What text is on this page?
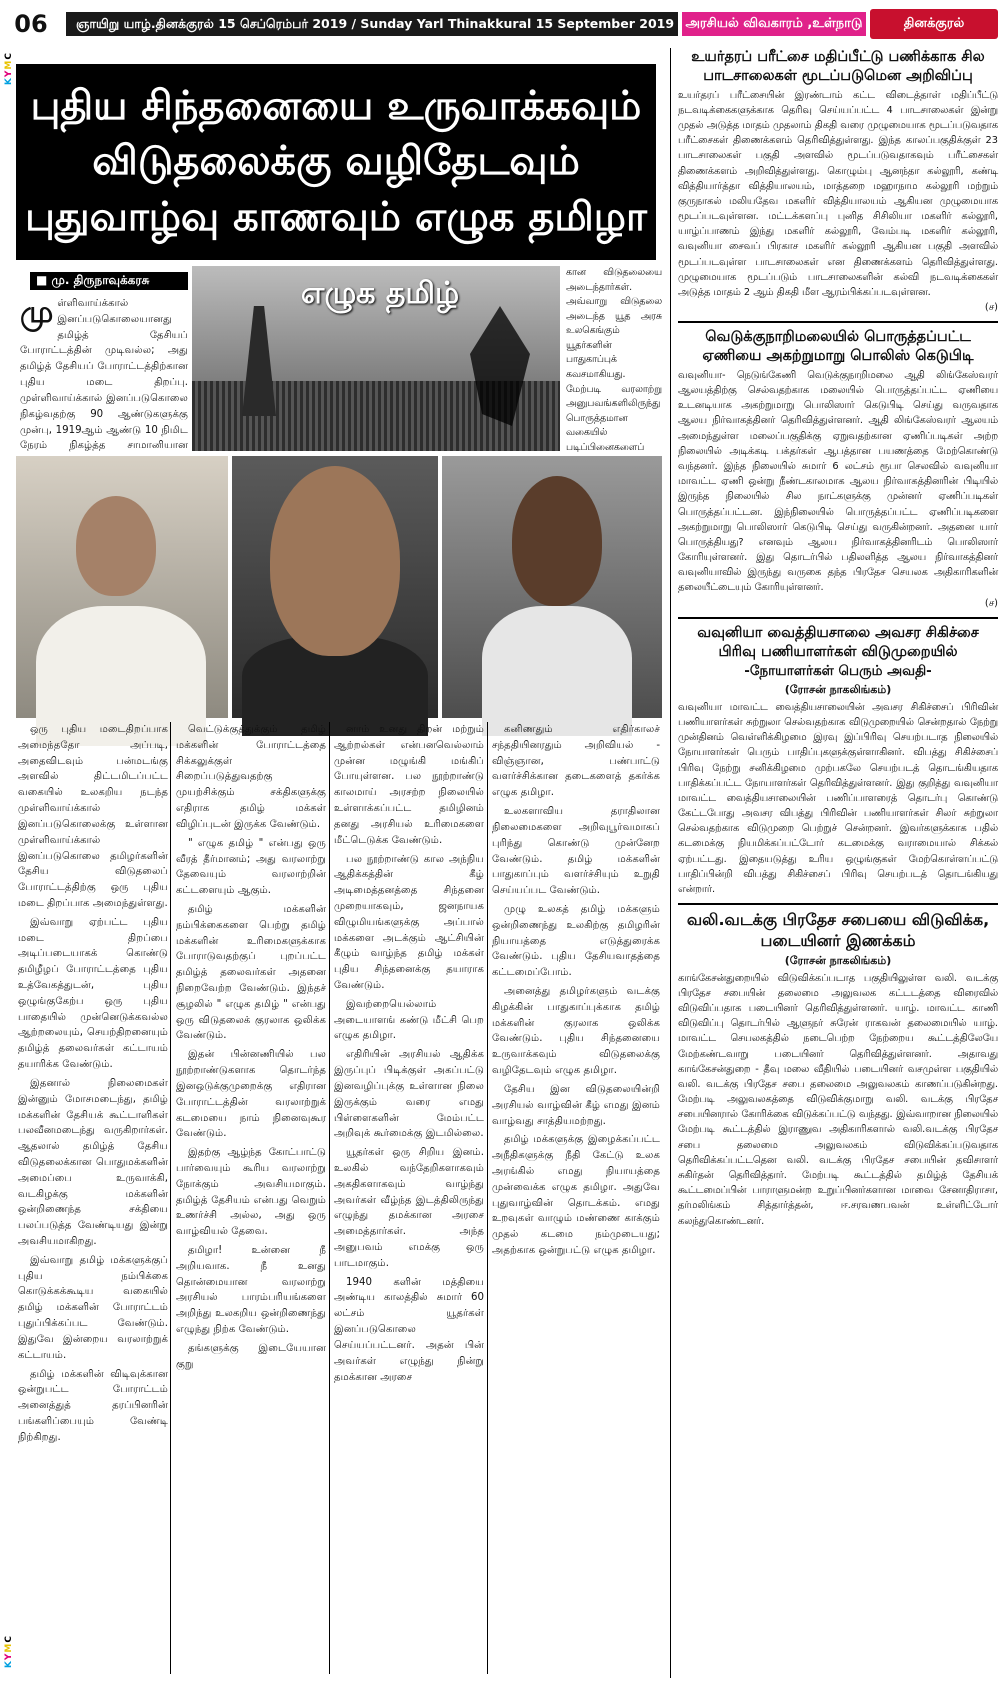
06	ஞாயிறு யாழ்.தினக்குரல் 15 செப்ரெம்பர் 2019 / Sunday Yarl Thinakkural 15 September 2019 அரசியல் விவகாரம் ,உள்நாடு	தினக்குரல்
KYMC
KYMC
புதிய சிந்தனையை உருவாக்கவும்
விடுதலைக்கு வழிதேடவும்
புதுவாழ்வு காணவும் எழுக தமிழா
■ மு. திருநாவுக்கரசு
முள்ளிவாய்க்கால் இனப்படுகொலையானது தமிழ்த் தேசியப் போராட்டத்தின் முடிவல்ல; அது தமிழ்த் தேசியப் போராட்டத்திற்கான புதிய மடை திறப்பு. முள்ளிவாய்க்கால் இனப்படுகொலை நிகழ்வதற்கு 90 ஆண்டுகளுக்கு முன்பு, 1919ஆம் ஆண்டு 10 நிமிட நேரம் நிகழ்த்த சாமானியான
எழுக தமிழ்
கான விடுதலையை அடைந்தார்கள். அவ்வாறு விடுதலை அடைந்த யூத அரசு உலகெங்கும் யூதர்களின் பாதுகாப்புக் கவசமாகியது. மேற்படி வரலாற்று அனுபவங்களிலிருந்து பொருத்தமான வகையில் படிப்பினைகளைப்

ஒரு புதிய மடைதிறப்பாக அமைந்ததோ அப்படி, அதைவிடவும் பன்மடங்கு அளவில் திட்டமிடப்பட்ட வகையில் உலகறிய நடந்த முள்ளிவாய்க்கால் இனப்படுகொலைக்கு உள்ளான முள்ளிவாய்க்கால் இனப்படுகொலை தமிழர்களின் தேசிய விடுதலைப் போராட்டத்திற்கு ஒரு புதிய மடை திறப்பாக அமைந்துள்ளது.

இவ்வாறு ஏற்பட்ட புதிய மடை திறப்பை அடிப்படையாகக் கொண்டு தமிழீழப் போராட்டத்தை புதிய உத்வேகத்துடன், புதிய ஒழுங்குகேற்ப ஒரு புதிய பாதையில் முன்னெடுக்கவல்ல ஆற்றலையும், செயற்திறனையும் தமிழ்த் தலைவர்கள் கட்டாயம் தயாரிக்க வேண்டும்.

இதனால் நிலைமைகள் இன்னும் மோசமடைந்து, தமிழ் மக்களின் தேசியக் கூட்டாளிகள் பலவீனமடைந்து வருகிறார்கள். ஆதலால் தமிழ்த் தேசிய விடுதலைக்கான பொதுமக்களின் அமைப்பை உருவாக்கி, வடகிழக்கு மக்களின் ஒன்றிணைந்த சக்தியை பலப்படுத்த வேண்டியது இன்று அவசியமாகிறது.

இவ்வாறு தமிழ் மக்களுக்குப் புதிய நம்பிக்கை கொடுக்கக்கூடிய வகையில் தமிழ் மக்களின் போராட்டம் புதுப்பிக்கப்பட வேண்டும். இதுவே இன்றைய வரலாற்றுக் கட்டாயம்.

தமிழ் மக்களின் விடிவுக்கான ஒன்றுபட்ட போராட்டம் அனைத்துத் தரப்பினரின் பங்களிப்பையும் வேண்டி நிற்கிறது.

வெட்டுக்குத்துக்கும் தமிழ் மக்களின் போராட்டத்தை சிக்கலுக்குள் சிறைப்படுத்துவதற்கு முயற்சிக்கும் சக்திகளுக்கு எதிராக தமிழ் மக்கள் விழிப்புடன் இருக்க வேண்டும்.

" எழுக தமிழ் " என்பது ஒரு வீரத் தீர்மானம்; அது வரலாற்று தேவையும் வரலாற்றின் கட்டளையும் ஆகும்.

தமிழ் மக்களின் நம்பிக்கைகளை பெற்று தமிழ் மக்களின் உரிமைகளுக்காக போராடுவதற்குப் புறப்பட்ட தமிழ்த் தலைவர்கள் அதனை நிறைவேற்ற வேண்டும். இந்தச் சூழலில் " எழுக தமிழ் " என்பது ஒரு விடுதலைக் குரலாக ஒலிக்க வேண்டும்.

இதன் பின்னணியில் பல நூற்றாண்டுகளாக தொடர்ந்த இனஒடுக்குமுறைக்கு எதிரான போராட்டத்தின் வரலாற்றுக் கடமையை நாம் நினைவுகூர வேண்டும்.

இதற்கு ஆழ்ந்த கோட்பாட்டு பார்வையும் கூரிய வரலாற்று நோக்கும் அவசியமாகும். தமிழ்த் தேசியம் என்பது வெறும் உணர்ச்சி அல்ல, அது ஒரு வாழ்வியல் தேவை.

தமிழா! உன்னை நீ அறியவாக. நீ உனது தொன்மையான வரலாற்று அரசியல் பாரம்பரியங்களை அறிந்து உலகறிய ஒன்றிணைந்து எழுந்து நிற்க வேண்டும்.

தங்களுக்கு இடையேயான குறு

னாம் உனது திறன் மற்றும் ஆற்றல்கள் என்பனவெல்லாம் முன்ன மழுங்கி மங்கிப் போயுள்ளன. பல நூற்றாண்டு காலமாய் அரசற்ற நிலையில் உள்ளாக்கப்பட்ட தமிழினம் தனது அரசியல் உரிமைகளை மீட்டெடுக்க வேண்டும்.

பல நூற்றாண்டு கால அந்நிய ஆதிக்கத்தின் கீழ் அடிமைத்தனத்தை சிந்தனை முறையாகவும், ஜனநாயக விழுமியங்களுக்கு அப்பால் மக்களை அடக்கும் ஆட்சியின் கீழும் வாழ்ந்த தமிழ் மக்கள் புதிய சிந்தனைக்கு தயாராக வேண்டும்.

இவற்றையெல்லாம் அடையாளங் கண்டு மீட்சி பெற எழுக தமிழா.

எதிரியின் அரசியல் ஆதிக்க இருப்புப் பிடிக்குள் அகப்பட்டு இனவழிப்புக்கு உள்ளான நிலை இருக்கும் வரை எமது பிள்ளைகளின் மேம்பட்ட அறிவுக் கூர்மைக்கு இடமில்லை.

யூதர்கள் ஒரு சிறிய இனம். உலகில் வந்தேறிகளாகவும் அகதிகளாகவும் வாழ்ந்து அவர்கள் வீழ்ந்த இடத்திலிருந்து எழுந்து தமக்கான அரசை அமைத்தார்கள். அந்த அனுபவம் எமக்கு ஒரு பாடமாகும்.

1940 களின் மத்தியை அண்டிய காலத்தில் சுமார் 60 லட்சம் யூதர்கள் இனப்படுகொலை செய்யப்பட்டனர். அதன் பின் அவர்கள் எழுந்து நின்று தமக்கான அரசை

கனிணதும் எதிர்காலச் சந்ததியினரதும் அறிவியல் - விஞ்ஞான, பண்பாட்டு வளர்ச்சிக்கான தடைகளைத் தகர்க்க எழுக தமிழா.

உலகளாவிய தராதிலான நிலைமைகளை அறிவுபூர்வமாகப் புரிந்து கொண்டு முன்னேற வேண்டும். தமிழ் மக்களின் பாதுகாப்பும் வளர்ச்சியும் உறுதி செய்யப்பட வேண்டும்.

முழு உலகத் தமிழ் மக்களும் ஒன்றிணைந்து உலகிற்கு தமிழரின் நியாயத்தை எடுத்துரைக்க வேண்டும். புதிய தேசியவாதத்தை கட்டமைப்போம்.

அனைத்து தமிழர்களும் வடக்கு கிழக்கின் பாதுகாப்புக்காக தமிழ் மக்களின் குரலாக ஒலிக்க வேண்டும். புதிய சிந்தனையை உருவாக்கவும் விடுதலைக்கு வழிதேடவும் எழுக தமிழா.

தேசிய இன விடுதலையின்றி அரசியல் வாழ்வின் கீழ் எமது இனம் வாழ்வது சாத்தியமற்றது.

தமிழ் மக்களுக்கு இழைக்கப்பட்ட அநீதிகளுக்கு நீதி கேட்டு உலக அரங்கில் எமது நியாயத்தை முன்வைக்க எழுக தமிழா. அதுவே புதுவாழ்வின் தொடக்கம். எமது உறவுகள் வாழும் மண்ணை காக்கும் முதல் கடமை நம்முடையது; அதற்காக ஒன்றுபட்டு எழுக தமிழா.

உயர்தரப் பரீட்சை மதிப்பீட்டு பணிக்காக சில பாடசாலைகள் மூடப்படுமென அறிவிப்பு

உயர்தரப் பரீட்சையின் இரண்டாம் கட்ட விடைத்தாள் மதிப்பீட்டு நடவடிக்கைகளுக்காக தெரிவு செய்யப்பட்ட 4 பாடசாலைகள் இன்று முதல் அடுத்த மாதம் முதலாம் திகதி வரை முழுமையாக மூடப்படுவதாக பரீட்சைகள் திணைக்களம் தெரிவித்துள்ளது. இந்த காலப்பகுதிக்குள் 23 பாடசாலைகள் பகுதி அளவில் மூடப்படுவதாகவும் பரீட்சைகள் திணைக்களம் அறிவித்துள்ளது. கொழும்பு ஆனந்தா கல்லூரி, கண்டி வித்தியார்த்தா வித்தியாலயம், மாத்தறை மஹாநாம கல்லூரி மற்றும் குருநாகல் மலியதேவ மகளிர் வித்தியாலயம் ஆகியன முழுமையாக மூடப்படவுள்ளன. மட்டக்களப்பு புனித சிசிலியா மகளிர் கல்லூரி, யாழ்ப்பாணம் இந்து மகளிர் கல்லூரி, வேம்படி மகளிர் கல்லூரி, வவுனியா சைவப் பிரகாச மகளிர் கல்லூரி ஆகியன பகுதி அளவில் மூடப்படவுள்ள பாடசாலைகள் என திணைக்களம் தெரிவித்துள்ளது. முழுமையாக மூடப்படும் பாடசாலைகளின் கல்வி நடவடிக்கைகள் அடுத்த மாதம் 2 ஆம் திகதி மீள ஆரம்பிக்கப்படவுள்ளன.

(ச)
வெடுக்குநாறிமலையில் பொருத்தப்பட்ட ஏணியை அகற்றுமாறு பொலிஸ் கெடுபிடி

வவுனியா- நெடுங்கேணி வெடுக்குநாறிமலை ஆதி லிங்கேஸ்வரர் ஆலயத்திற்கு செல்வதற்காக மலையில் பொருத்தப்பட்ட ஏணியை உடனடியாக அகற்றுமாறு பொலிஸார் கெடுபிடி செய்து வருவதாக ஆலய நிர்வாகத்தினர் தெரிவித்துள்ளனர். ஆதி லிங்கேஸ்வரர் ஆலயம் அமைந்துள்ள மலைப்பகுதிக்கு ஏறுவதற்கான ஏணிப்படிகள் அற்ற நிலையில் அடிக்கடி பக்தர்கள் ஆபத்தான பயணத்தை மேற்கொண்டு வந்தனர். இந்த நிலையில் சுமார் 6 லட்சம் ரூபா செலவில் வவுனியா மாவட்ட ஏணி ஒன்று நீண்டகாலமாக ஆலய நிர்வாகத்தினரின் பிடியில் இருந்த நிலையில் சில நாட்களுக்கு முன்னர் ஏணிப்படிகள் பொருத்தப்பட்டன. இந்நிலையில் பொருத்தப்பட்ட ஏணிப்படிகளை அகற்றுமாறு பொலிஸார் கெடுபிடி செய்து வருகின்றனர். அதனை யார் பொருத்தியது? எனவும் ஆலய நிர்வாகத்தினரிடம் பொலிஸார் கோரியுள்ளனர். இது தொடர்பில் பதிலளித்த ஆலய நிர்வாகத்தினர் வவுனியாவில் இருந்து வருகை தந்த பிரதேச செயலக அதிகாரிகளின் தலையீட்டையும் கோரியுள்ளனர்.

(ச)
வவுனியா வைத்தியசாலை அவசர சிகிச்சை பிரிவு பணியாளர்கள் விடுமுறையில்
-நோயாளர்கள் பெரும் அவதி-
(ரோசன் நாகலிங்கம்)

வவுனியா மாவட்ட வைத்தியசாலையின் அவசர சிகிச்சைப் பிரிவின் பணியாளர்கள் சுற்றுலா செல்வதற்காக விடுமுறையில் சென்றதால் நேற்று முன்தினம் வெள்ளிக்கிழமை இரவு இப்பிரிவு செயற்படாத நிலையில் நோயாளர்கள் பெரும் பாதிப்புகளுக்குள்ளாகினர். விபத்து சிகிச்சைப் பிரிவு நேற்று சனிக்கிழமை முற்பகலே செயற்படத் தொடங்கியதாக பாதிக்கப்பட்ட நோயாளர்கள் தெரிவித்துள்ளனர். இது குறித்து வவுனியா மாவட்ட வைத்தியசாலையின் பணிப்பாளரைத் தொடர்பு கொண்டு கேட்டபோது அவசர விபத்து பிரிவின் பணியாளர்கள் சிலர் சுற்றுலா செல்வதற்காக விடுமுறை பெற்றுச் சென்றனர். இவர்களுக்காக பதில் கடமைக்கு நியமிக்கப்பட்டோர் கடமைக்கு வராமையால் சிக்கல் ஏற்பட்டது. இதையடுத்து உரிய ஒழுங்குகள் மேற்கொள்ளப்பட்டு பாதிப்பின்றி விபத்து சிகிச்சைப் பிரிவு செயற்படத் தொடங்கியது என்றார்.

வலி.வடக்கு பிரதேச சபையை விடுவிக்க, படையினர் இணக்கம்
(ரோசன் நாகலிங்கம்)

காங்கேசன்துறையில் விடுவிக்கப்படாத பகுதியிலுள்ள வலி. வடக்கு பிரதேச சபையின் தலைமை அலுவலக கட்டடத்தை விரைவில் விடுவிப்பதாக படையினர் தெரிவித்துள்ளனர். யாழ். மாவட்ட காணி விடுவிப்பு தொடர்பில் ஆளுநர் சுரேன் ராகவன் தலைமையில் யாழ். மாவட்ட செயலகத்தில் நடைபெற்ற நேற்றைய கூட்டத்திலேயே மேற்கண்டவாறு படையினர் தெரிவித்துள்ளனர். அதாவது காங்கேசன்துறை - தீவு மலை வீதியில் படையினர் வசமுள்ள பகுதியில் வலி. வடக்கு பிரதேச சபை தலைமை அலுவலகம் காணப்படுகின்றது. மேற்படி அலுவலகத்தை விடுவிக்குமாறு வலி. வடக்கு பிரதேச சபையினரால் கோரிக்கை விடுக்கப்பட்டு வந்தது. இவ்வாறான நிலையில் மேற்படி கூட்டத்தில் இராணுவ அதிகாரிகளால் வலி.வடக்கு பிரதேச சபை தலைமை அலுவலகம் விடுவிக்கப்படுவதாக தெரிவிக்கப்பட்டதென வலி. வடக்கு பிரதேச சபையின் தவிசாளர் சுகிர்தன் தெரிவித்தார். மேற்படி கூட்டத்தில் தமிழ்த் தேசியக் கூட்டமைப்பின் பாராளுமன்ற உறுப்பினர்களான மாவை சேனாதிராசா, தர்மலிங்கம் சித்தார்த்தன், ஈ.சரவணபவன் உள்ளிட்டோர் கலந்துகொண்டனர்.
